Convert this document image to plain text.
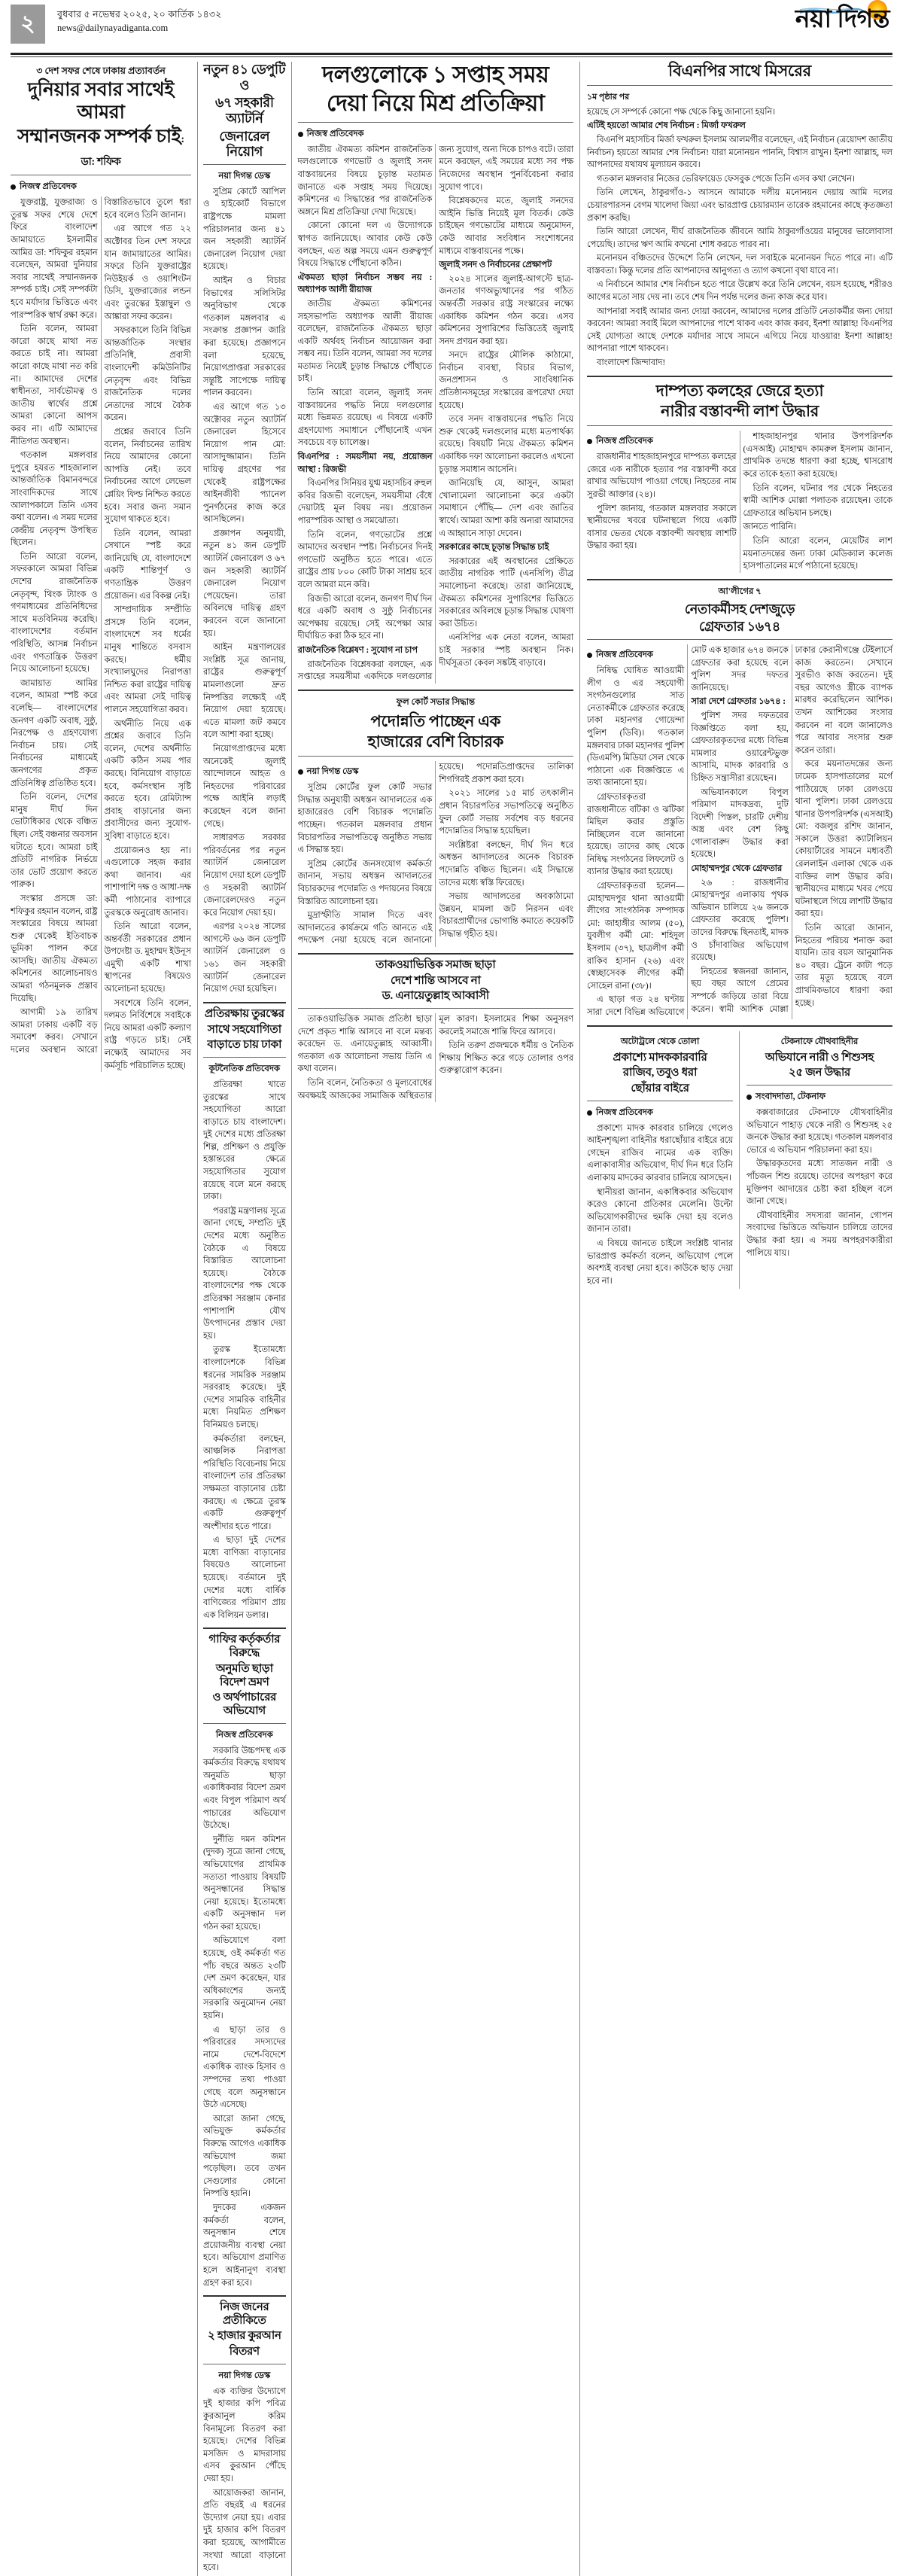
২	বুধবার ৫ নভেম্বর ২০২৫, ২০ কার্তিক ১৪৩২
news@dailynayadiganta.com	নয়া দিগন্ত
৩ দেশ সফর শেষে ঢাকায় প্রত্যাবর্তন
দুনিয়ার সবার সাথেই আমরা
সম্মানজনক সম্পর্ক চাই: ডা: শফিক
নিজস্ব প্রতিবেদক

যুক্তরাষ্ট্র, যুক্তরাজ্য ও তুরস্ক সফর শেষে দেশে ফিরে বাংলাদেশ জামায়াতে ইসলামীর আমির ডা: শফিকুর রহমান বলেছেন, আমরা দুনিয়ার সবার সাথেই সম্মানজনক সম্পর্ক চাই। সেই সম্পর্কটা হবে মর্যাদার ভিত্তিতে এবং পারস্পরিক স্বার্থ রক্ষা করে।

তিনি বলেন, আমরা কারো কাছে মাথা নত করতে চাই না। আমরা কারো কাছে মাথা নত করি না। আমাদের দেশের স্বাধীনতা, সার্বভৌমত্ব ও জাতীয় স্বার্থের প্রশ্নে আমরা কোনো আপস করব না। এটি আমাদের নীতিগত অবস্থান।

গতকাল মঙ্গলবার দুপুরে হযরত শাহজালাল আন্তর্জাতিক বিমানবন্দরে সাংবাদিকদের সাথে আলাপকালে তিনি এসব কথা বলেন। এ সময় দলের কেন্দ্রীয় নেতৃবৃন্দ উপস্থিত ছিলেন।

তিনি আরো বলেন, সফরকালে আমরা বিভিন্ন দেশের রাজনৈতিক নেতৃবৃন্দ, থিংক ট্যাংক ও গণমাধ্যমের প্রতিনিধিদের সাথে মতবিনিময় করেছি। বাংলাদেশের বর্তমান পরিস্থিতি, আসন্ন নির্বাচন এবং গণতান্ত্রিক উত্তরণ নিয়ে আলোচনা হয়েছে।

জামায়াত আমির বলেন, আমরা স্পষ্ট করে বলেছি— বাংলাদেশের জনগণ একটি অবাধ, সুষ্ঠু, নিরপেক্ষ ও গ্রহণযোগ্য নির্বাচন চায়। সেই নির্বাচনের মাধ্যমেই জনগণের প্রকৃত প্রতিনিধিত্ব প্রতিষ্ঠিত হবে।

তিনি বলেন, দেশের মানুষ দীর্ঘ দিন ভোটাধিকার থেকে বঞ্চিত ছিল। সেই বঞ্চনার অবসান ঘটাতে হবে। আমরা চাই প্রতিটি নাগরিক নির্ভয়ে তার ভোট প্রয়োগ করতে পারুক।

সংস্কার প্রসঙ্গে ডা: শফিকুর রহমান বলেন, রাষ্ট্র সংস্কারের বিষয়ে আমরা শুরু থেকেই ইতিবাচক ভূমিকা পালন করে আসছি। জাতীয় ঐকমত্য কমিশনের আলোচনায়ও আমরা গঠনমূলক প্রস্তাব দিয়েছি।

আগামী ১৯ তারিখ আমরা ঢাকায় একটি বড় সমাবেশ করব। সেখানে দলের অবস্থান আরো বিস্তারিতভাবে তুলে ধরা হবে বলেও তিনি জানান।

এর আগে গত ২২ অক্টোবর তিন দেশ সফরে যান জামায়াতের আমির। সফরে তিনি যুক্তরাষ্ট্রের নিউইয়র্ক ও ওয়াশিংটন ডিসি, যুক্তরাজ্যের লন্ডন এবং তুরস্কের ইস্তাম্বুল ও আঙ্কারা সফর করেন।

সফরকালে তিনি বিভিন্ন আন্তর্জাতিক সংস্থার প্রতিনিধি, প্রবাসী বাংলাদেশী কমিউনিটির নেতৃবৃন্দ এবং বিভিন্ন রাজনৈতিক দলের নেতাদের সাথে বৈঠক করেন।

প্রশ্নের জবাবে তিনি বলেন, নির্বাচনের তারিখ নিয়ে আমাদের কোনো আপত্তি নেই। তবে নির্বাচনের আগে লেভেল প্লেয়িং ফিল্ড নিশ্চিত করতে হবে। সবার জন্য সমান সুযোগ থাকতে হবে।

তিনি বলেন, আমরা সেখানে স্পষ্ট করে জানিয়েছি যে, বাংলাদেশে একটি শান্তিপূর্ণ ও গণতান্ত্রিক উত্তরণ প্রয়োজন। এর বিকল্প নেই।

সাম্প্রদায়িক সম্প্রীতি প্রসঙ্গে তিনি বলেন, বাংলাদেশে সব ধর্মের মানুষ শান্তিতে বসবাস করছে। ধর্মীয় সংখ্যালঘুদের নিরাপত্তা নিশ্চিত করা রাষ্ট্রের দায়িত্ব এবং আমরা সেই দায়িত্ব পালনে সহযোগিতা করব।

অর্থনীতি নিয়ে এক প্রশ্নের জবাবে তিনি বলেন, দেশের অর্থনীতি একটি কঠিন সময় পার করছে। বিনিয়োগ বাড়াতে হবে, কর্মসংস্থান সৃষ্টি করতে হবে। রেমিট্যান্স প্রবাহ বাড়ানোর জন্য প্রবাসীদের জন্য সুযোগ-সুবিধা বাড়াতে হবে।

প্রয়োজনও হয় না। এগুলোকে সহজ করার কথা জানাব। এর পাশাপাশি দক্ষ ও আধা-দক্ষ কর্মী পাঠানোর ব্যাপারে তুরস্ককে অনুরোধ জানাব।

তিনি আরো বলেন, অন্তর্বর্তী সরকারের প্রধান উপদেষ্টা ড. মুহাম্মদ ইউনূস এমুখী একটি শাখা স্থাপনের বিষয়েও আলোচনা হয়েছে।

সবশেষে তিনি বলেন, দলমত নির্বিশেষে সবাইকে নিয়ে আমরা একটি কল্যাণ রাষ্ট্র গড়তে চাই। সেই লক্ষ্যেই আমাদের সব কর্মসূচি পরিচালিত হচ্ছে।

নতুন ৪১ ডেপুটি ও
৬৭ সহকারী অ্যাটর্নি
জেনারেল নিয়োগ
নয়া দিগন্ত ডেস্ক

সুপ্রিম কোর্টে আপিল ও হাইকোর্ট বিভাগে রাষ্ট্রপক্ষে মামলা পরিচালনার জন্য ৪১ জন সহকারী অ্যাটর্নি জেনারেল নিয়োগ দেয়া হয়েছে।

আইন ও বিচার বিভাগের সলিসিটর অনুবিভাগ থেকে গতকাল মঙ্গলবার এ সংক্রান্ত প্রজ্ঞাপন জারি করা হয়েছে। প্রজ্ঞাপনে বলা হয়েছে, নিয়োগপ্রাপ্তরা সরকারের সন্তুষ্টি সাপেক্ষে দায়িত্ব পালন করবেন।

এর আগে গত ১৩ অক্টোবর নতুন অ্যাটর্নি জেনারেল হিসেবে নিয়োগ পান মো: আসাদুজ্জামান। তিনি দায়িত্ব গ্রহণের পর থেকেই রাষ্ট্রপক্ষের আইনজীবী প্যানেল পুনর্গঠনের কাজ করে আসছিলেন।

প্রজ্ঞাপন অনুযায়ী, নতুন ৪১ জন ডেপুটি অ্যাটর্নি জেনারেল ও ৬৭ জন সহকারী অ্যাটর্নি জেনারেল নিয়োগ পেয়েছেন। তারা অবিলম্বে দায়িত্ব গ্রহণ করবেন বলে জানানো হয়।

আইন মন্ত্রণালয়ের সংশ্লিষ্ট সূত্র জানায়, রাষ্ট্রের গুরুত্বপূর্ণ মামলাগুলো দ্রুত নিষ্পত্তির লক্ষ্যেই এই নিয়োগ দেয়া হয়েছে। এতে মামলা জট কমবে বলে আশা করা হচ্ছে।

নিয়োগপ্রাপ্তদের মধ্যে অনেকেই জুলাই আন্দোলনে আহত ও নিহতদের পরিবারের পক্ষে আইনি লড়াই করেছেন বলে জানা গেছে।

সাধারণত সরকার পরিবর্তনের পর নতুন অ্যাটর্নি জেনারেল নিয়োগ দেয়া হলে ডেপুটি ও সহকারী অ্যাটর্নি জেনারেলদেরও নতুন করে নিয়োগ দেয়া হয়।

এরপর ২০২৪ সালের আগস্টে ৬৬ জন ডেপুটি অ্যাটর্নি জেনারেল ও ১৬১ জন সহকারী অ্যাটর্নি জেনারেল নিয়োগ দেয়া হয়েছিল।

প্রতিরক্ষায় তুরস্কের
সাথে সহযোগিতা
বাড়াতে চায় ঢাকা
কূটনৈতিক প্রতিবেদক

প্রতিরক্ষা খাতে তুরস্কের সাথে সহযোগিতা আরো বাড়াতে চায় বাংলাদেশ। দুই দেশের মধ্যে প্রতিরক্ষা শিল্প, প্রশিক্ষণ ও প্রযুক্তি হস্তান্তরের ক্ষেত্রে সহযোগিতার সুযোগ রয়েছে বলে মনে করছে ঢাকা।

পররাষ্ট্র মন্ত্রণালয় সূত্রে জানা গেছে, সম্প্রতি দুই দেশের মধ্যে অনুষ্ঠিত বৈঠকে এ বিষয়ে বিস্তারিত আলোচনা হয়েছে। বৈঠকে বাংলাদেশের পক্ষ থেকে প্রতিরক্ষা সরঞ্জাম কেনার পাশাপাশি যৌথ উৎপাদনের প্রস্তাব দেয়া হয়।

তুরস্ক ইতোমধ্যে বাংলাদেশকে বিভিন্ন ধরনের সামরিক সরঞ্জাম সরবরাহ করেছে। দুই দেশের সামরিক বাহিনীর মধ্যে নিয়মিত প্রশিক্ষণ বিনিময়ও চলছে।

কর্মকর্তারা বলছেন, আঞ্চলিক নিরাপত্তা পরিস্থিতি বিবেচনায় নিয়ে বাংলাদেশ তার প্রতিরক্ষা সক্ষমতা বাড়ানোর চেষ্টা করছে। এ ক্ষেত্রে তুরস্ক একটি গুরুত্বপূর্ণ অংশীদার হতে পারে।

এ ছাড়া দুই দেশের মধ্যে বাণিজ্য বাড়ানোর বিষয়েও আলোচনা হয়েছে। বর্তমানে দুই দেশের মধ্যে বার্ষিক বাণিজ্যের পরিমাণ প্রায় এক বিলিয়ন ডলার।

গাফির কর্তৃকর্তার বিরুদ্ধে
অনুমতি ছাড়া বিদেশ ভ্রমণ
ও অর্থপাচারের অভিযোগ
নিজস্ব প্রতিবেদক

সরকারি উচ্চপদস্থ এক কর্মকর্তার বিরুদ্ধে যথাযথ অনুমতি ছাড়া একাধিকবার বিদেশ ভ্রমণ এবং বিপুল পরিমাণ অর্থ পাচারের অভিযোগ উঠেছে।

দুর্নীতি দমন কমিশন (দুদক) সূত্রে জানা গেছে, অভিযোগের প্রাথমিক সত্যতা পাওয়ায় বিষয়টি অনুসন্ধানের সিদ্ধান্ত নেয়া হয়েছে। ইতোমধ্যে একটি অনুসন্ধান দল গঠন করা হয়েছে।

অভিযোগে বলা হয়েছে, ওই কর্মকর্তা গত পাঁচ বছরে অন্তত ২৩টি দেশ ভ্রমণ করেছেন, যার অধিকাংশের জন্যই সরকারি অনুমোদন নেয়া হয়নি।

এ ছাড়া তার ও পরিবারের সদস্যদের নামে দেশে-বিদেশে একাধিক ব্যাংক হিসাব ও সম্পদের তথ্য পাওয়া গেছে বলে অনুসন্ধানে উঠে এসেছে।

আরো জানা গেছে, অভিযুক্ত কর্মকর্তার বিরুদ্ধে আগেও একাধিক অভিযোগ জমা পড়েছিল। তবে তখন সেগুলোর কোনো নিষ্পত্তি হয়নি।

দুদকের একজন কর্মকর্তা বলেন, অনুসন্ধান শেষে প্রয়োজনীয় ব্যবস্থা নেয়া হবে। অভিযোগ প্রমাণিত হলে আইনানুগ ব্যবস্থা গ্রহণ করা হবে।

নিজ জনের প্রতীকিতে
২ হাজার কুরআন
বিতরণ
নয়া দিগন্ত ডেস্ক

এক ব্যক্তির উদ্যোগে দুই হাজার কপি পবিত্র কুরআনুল করিম বিনামূল্যে বিতরণ করা হয়েছে। দেশের বিভিন্ন মসজিদ ও মাদরাসায় এসব কুরআন পৌঁছে দেয়া হয়।

আয়োজকরা জানান, প্রতি বছরই এ ধরনের উদ্যোগ নেয়া হয়। এবার দুই হাজার কপি বিতরণ করা হয়েছে, আগামীতে সংখ্যা আরো বাড়ানো হবে।

দলগুলোকে ১ সপ্তাহ সময়
দেয়া নিয়ে মিশ্র প্রতিক্রিয়া
নিজস্ব প্রতিবেদক

জাতীয় ঐকমত্য কমিশন রাজনৈতিক দলগুলোকে গণভোট ও জুলাই সনদ বাস্তবায়নের বিষয়ে চূড়ান্ত মতামত জানাতে এক সপ্তাহ সময় দিয়েছে। কমিশনের এ সিদ্ধান্তের পর রাজনৈতিক অঙ্গনে মিশ্র প্রতিক্রিয়া দেখা দিয়েছে।

কোনো কোনো দল এ উদ্যোগকে স্বাগত জানিয়েছে। আবার কেউ কেউ বলছেন, এত অল্প সময়ে এমন গুরুত্বপূর্ণ বিষয়ে সিদ্ধান্তে পৌঁছানো কঠিন।

ঐকমত্য ছাড়া নির্বাচন সম্ভব নয় : অধ্যাপক আলী রীয়াজ

জাতীয় ঐকমত্য কমিশনের সহসভাপতি অধ্যাপক আলী রীয়াজ বলেছেন, রাজনৈতিক ঐকমত্য ছাড়া একটি অর্থবহ নির্বাচন আয়োজন করা সম্ভব নয়। তিনি বলেন, আমরা সব দলের মতামত নিয়েই চূড়ান্ত সিদ্ধান্তে পৌঁছাতে চাই।

তিনি আরো বলেন, জুলাই সনদ বাস্তবায়নের পদ্ধতি নিয়ে দলগুলোর মধ্যে ভিন্নমত রয়েছে। এ বিষয়ে একটি গ্রহণযোগ্য সমাধানে পৌঁছানোই এখন সবচেয়ে বড় চ্যালেঞ্জ।

বিএনপির : সময়সীমা নয়, প্রয়োজন আস্থা : রিজভী

বিএনপির সিনিয়র যুগ্ম মহাসচিব রুহুল কবির রিজভী বলেছেন, সময়সীমা বেঁধে দেয়াটাই মূল বিষয় নয়। প্রয়োজন পারস্পরিক আস্থা ও সমঝোতা।

তিনি বলেন, গণভোটের প্রশ্নে আমাদের অবস্থান স্পষ্ট। নির্বাচনের দিনই গণভোট অনুষ্ঠিত হতে পারে। এতে রাষ্ট্রের প্রায় ৮০০ কোটি টাকা সাশ্রয় হবে বলে আমরা মনে করি।

রিজভী আরো বলেন, জনগণ দীর্ঘ দিন ধরে একটি অবাধ ও সুষ্ঠু নির্বাচনের অপেক্ষায় রয়েছে। সেই অপেক্ষা আর দীর্ঘায়িত করা ঠিক হবে না।

রাজনৈতিক বিশ্লেষণ : সুযোগ না চাপ

রাজনৈতিক বিশ্লেষকরা বলছেন, এক সপ্তাহের সময়সীমা একদিকে দলগুলোর জন্য সুযোগ, অন্য দিকে চাপও বটে। তারা মনে করছেন, এই সময়ের মধ্যে সব পক্ষ নিজেদের অবস্থান পুনর্বিবেচনা করার সুযোগ পাবে।

বিশ্লেষকদের মতে, জুলাই সনদের আইনি ভিত্তি নিয়েই মূল বিতর্ক। কেউ চাইছেন গণভোটের মাধ্যমে অনুমোদন, কেউ আবার সংবিধান সংশোধনের মাধ্যমে বাস্তবায়নের পক্ষে।

জুলাই সনদ ও নির্বাচনের প্রেক্ষাপট

২০২৪ সালের জুলাই-আগস্টে ছাত্র-জনতার গণঅভ্যুত্থানের পর গঠিত অন্তর্বর্তী সরকার রাষ্ট্র সংস্কারের লক্ষ্যে একাধিক কমিশন গঠন করে। এসব কমিশনের সুপারিশের ভিত্তিতেই জুলাই সনদ প্রণয়ন করা হয়।

সনদে রাষ্ট্রের মৌলিক কাঠামো, নির্বাচন ব্যবস্থা, বিচার বিভাগ, জনপ্রশাসন ও সাংবিধানিক প্রতিষ্ঠানসমূহের সংস্কারের রূপরেখা দেয়া হয়েছে।

তবে সনদ বাস্তবায়নের পদ্ধতি নিয়ে শুরু থেকেই দলগুলোর মধ্যে মতপার্থক্য রয়েছে। বিষয়টি নিয়ে ঐকমত্য কমিশন একাধিক দফা আলোচনা করলেও এখনো চূড়ান্ত সমাধান আসেনি।

জানিয়েছি যে, আসুন, আমরা খোলামেলা আলোচনা করে একটা সমাধানে পৌঁছি— দেশ এবং জাতির স্বার্থে। আমরা আশা করি অন্যরা আমাদের এ আহ্বানে সাড়া দেবেন।

সরকারের কাছে চূড়ান্ত সিদ্ধান্ত চাই

সরকারের এই অবস্থানের প্রেক্ষিতে জাতীয় নাগরিক পার্টি (এনসিপি) তীব্র সমালোচনা করেছে। তারা জানিয়েছে, ঐকমত্য কমিশনের সুপারিশের ভিত্তিতে সরকারের অবিলম্বে চূড়ান্ত সিদ্ধান্ত ঘোষণা করা উচিত।

এনসিপির এক নেতা বলেন, আমরা চাই সরকার স্পষ্ট অবস্থান নিক। দীর্ঘসূত্রতা কেবল সঙ্কটই বাড়াবে।

ফুল কোর্ট সভার সিদ্ধান্ত
পদোন্নতি পাচ্ছেন এক
হাজারের বেশি বিচারক
নয়া দিগন্ত ডেস্ক

সুপ্রিম কোর্টের ফুল কোর্ট সভার সিদ্ধান্ত অনুযায়ী অধস্তন আদালতের এক হাজারেরও বেশি বিচারক পদোন্নতি পাচ্ছেন। গতকাল মঙ্গলবার প্রধান বিচারপতির সভাপতিত্বে অনুষ্ঠিত সভায় এ সিদ্ধান্ত হয়।

সুপ্রিম কোর্টের জনসংযোগ কর্মকর্তা জানান, সভায় অধস্তন আদালতের বিচারকদের পদোন্নতি ও পদায়নের বিষয়ে বিস্তারিত আলোচনা হয়।

মুদ্রাস্ফীতি সামাল দিতে এবং আদালতের কার্যক্রমে গতি আনতে এই পদক্ষেপ নেয়া হয়েছে বলে জানানো হয়েছে। পদোন্নতিপ্রাপ্তদের তালিকা শিগগিরই প্রকাশ করা হবে।

২০২১ সালের ১৫ মার্চ তৎকালীন প্রধান বিচারপতির সভাপতিত্বে অনুষ্ঠিত ফুল কোর্ট সভায় সর্বশেষ বড় ধরনের পদোন্নতির সিদ্ধান্ত হয়েছিল।

সংশ্লিষ্টরা বলছেন, দীর্ঘ দিন ধরে অধস্তন আদালতের অনেক বিচারক পদোন্নতি বঞ্চিত ছিলেন। এই সিদ্ধান্তে তাদের মধ্যে স্বস্তি ফিরেছে।

সভায় আদালতের অবকাঠামো উন্নয়ন, মামলা জট নিরসন এবং বিচারপ্রার্থীদের ভোগান্তি কমাতে কয়েকটি সিদ্ধান্ত গৃহীত হয়।

তাকওয়াভিত্তিক সমাজ ছাড়া
দেশে শান্তি আসবে না
ড. এনায়েতুল্লাহ আব্বাসী

তাকওয়াভিত্তিক সমাজ প্রতিষ্ঠা ছাড়া দেশে প্রকৃত শান্তি আসবে না বলে মন্তব্য করেছেন ড. এনায়েতুল্লাহ আব্বাসী। গতকাল এক আলোচনা সভায় তিনি এ কথা বলেন।

তিনি বলেন, নৈতিকতা ও মূল্যবোধের অবক্ষয়ই আজকের সামাজিক অস্থিরতার মূল কারণ। ইসলামের শিক্ষা অনুসরণ করলেই সমাজে শান্তি ফিরে আসবে।

তিনি তরুণ প্রজন্মকে ধর্মীয় ও নৈতিক শিক্ষায় শিক্ষিত করে গড়ে তোলার ওপর গুরুত্বারোপ করেন।

বিএনপির সাথে মিসরের
১ম পৃষ্ঠার পর

হয়েছে সে সম্পর্কে কোনো পক্ষ থেকে কিছু জানানো হয়নি।

এটিই হয়তো আমার শেষ নির্বাচন : মির্জা ফখরুল

বিএনপি মহাসচিব মির্জা ফখরুল ইসলাম আলমগীর বলেছেন, এই নির্বাচন (ত্রয়োদশ জাতীয় নির্বাচন) হয়তো আমার শেষ নির্বাচন! যারা মনোনয়ন পাননি, বিশ্বাস রাখুন। ইনশা আল্লাহ, দল আপনাদের যথাযথ মূল্যায়ন করবে।

গতকাল মঙ্গলবার নিজের ভেরিফায়েড ফেসবুক পেজে তিনি এসব কথা লেখেন।

তিনি লেখেন, ঠাকুরগাঁও-১ আসনে আমাকে দলীয় মনোনয়ন দেয়ায় আমি দলের চেয়ারপারসন বেগম খালেদা জিয়া এবং ভারপ্রাপ্ত চেয়ারম্যান তারেক রহমানের কাছে কৃতজ্ঞতা প্রকাশ করছি।

তিনি আরো লেখেন, দীর্ঘ রাজনৈতিক জীবনে আমি ঠাকুরগাঁওয়ের মানুষের ভালোবাসা পেয়েছি। তাদের ঋণ আমি কখনো শোধ করতে পারব না।

মনোনয়ন বঞ্চিতদের উদ্দেশে তিনি লেখেন, দল সবাইকে মনোনয়ন দিতে পারে না। এটি বাস্তবতা। কিন্তু দলের প্রতি আপনাদের আনুগত্য ও ত্যাগ কখনো বৃথা যাবে না।

এ নির্বাচনে আমার শেষ নির্বাচন হতে পারে উল্লেখ করে তিনি লেখেন, বয়স হয়েছে, শরীরও আগের মতো সায় দেয় না। তবে শেষ দিন পর্যন্ত দলের জন্য কাজ করে যাব।

আপনারা সবাই আমার জন্য দোয়া করবেন, আমাদের দলের প্রতিটি নেতাকর্মীর জন্য দোয়া করবেন! আমরা সবাই মিলে আপনাদের পাশে থাকব এবং কাজ করব, ইনশা আল্লাহ! বিএনপির সেই যোগ্যতা আছে দেশকে মর্যাদার সাথে সামনে এগিয়ে নিয়ে যাওয়ার! ইনশা আল্লাহ! আপনারা পাশে থাকবেন।

বাংলাদেশ জিন্দাবাদ!

দাম্পত্য কলহের জেরে হত্যা
নারীর বস্তাবন্দী লাশ উদ্ধার
নিজস্ব প্রতিবেদক

রাজধানীর শাহজাহানপুরে দাম্পত্য কলহের জেরে এক নারীকে হত্যার পর বস্তাবন্দী করে রাখার অভিযোগ পাওয়া গেছে। নিহতের নাম সুরভী আক্তার (২৪)।

পুলিশ জানায়, গতকাল মঙ্গলবার সকালে স্থানীয়দের খবরে ঘটনাস্থলে গিয়ে একটি বাসার ভেতর থেকে বস্তাবন্দী অবস্থায় লাশটি উদ্ধার করা হয়।

শাহজাহানপুর থানার উপপরিদর্শক (এসআই) মোহাম্মদ কামরুল ইসলাম জানান, প্রাথমিক তদন্তে ধারণা করা হচ্ছে, শ্বাসরোধ করে তাকে হত্যা করা হয়েছে।

তিনি বলেন, ঘটনার পর থেকে নিহতের স্বামী আশিক মোল্লা পলাতক রয়েছেন। তাকে গ্রেফতারে অভিযান চলছে।

জানতে পারিনি।

তিনি আরো বলেন, মেয়েটির লাশ ময়নাতদন্তের জন্য ঢাকা মেডিক্যাল কলেজ হাসপাতালের মর্গে পাঠানো হয়েছে।

আ'লীগের ৭
নেতাকর্মীসহ দেশজুড়ে
গ্রেফতার ১৬৭৪
নিজস্ব প্রতিবেদক

নিষিদ্ধ ঘোষিত আওয়ামী লীগ ও এর সহযোগী সংগঠনগুলোর সাত নেতাকর্মীকে গ্রেফতার করেছে ঢাকা মহানগর গোয়েন্দা পুলিশ (ডিবি)। গতকাল মঙ্গলবার ঢাকা মহানগর পুলিশ (ডিএমপি) মিডিয়া সেল থেকে পাঠানো এক বিজ্ঞপ্তিতে এ তথ্য জানানো হয়।

গ্রেফতারকৃতরা রাজধানীতে বটিকা ও ঝটিকা মিছিল করার প্রস্তুতি নিচ্ছিলেন বলে জানানো হয়েছে। তাদের কাছ থেকে নিষিদ্ধ সংগঠনের লিফলেট ও ব্যানার উদ্ধার করা হয়েছে।

গ্রেফতারকৃতরা হলেন— মোহাম্মদপুর থানা আওয়ামী লীগের সাংগঠনিক সম্পাদক মো: জাহাঙ্গীর আলম (৫০), যুবলীগ কর্মী মো: শহিদুল ইসলাম (৩৭), ছাত্রলীগ কর্মী রাকিব হাসান (২৬) এবং স্বেচ্ছাসেবক লীগের কর্মী সোহেল রানা (৩৮)।

এ ছাড়া গত ২৪ ঘণ্টায় সারা দেশে বিভিন্ন অভিযোগে মোট এক হাজার ৬৭৪ জনকে গ্রেফতার করা হয়েছে বলে পুলিশ সদর দফতর জানিয়েছে।

সারা দেশে গ্রেফতার ১৬৭৪ :

পুলিশ সদর দফতরের বিজ্ঞপ্তিতে বলা হয়, গ্রেফতারকৃতদের মধ্যে বিভিন্ন মামলার ওয়ারেন্টভুক্ত আসামি, মাদক কারবারি ও চিহ্নিত সন্ত্রাসীরা রয়েছেন।

অভিযানকালে বিপুল পরিমাণ মাদকদ্রব্য, দুটি বিদেশী পিস্তল, চারটি দেশীয় অস্ত্র এবং বেশ কিছু গোলাবারুদ উদ্ধার করা হয়েছে।

মোহাম্মদপুর থেকে গ্রেফতার

২৬ : রাজধানীর মোহাম্মদপুর এলাকায় পৃথক অভিযান চালিয়ে ২৬ জনকে গ্রেফতার করেছে পুলিশ। তাদের বিরুদ্ধে ছিনতাই, মাদক ও চাঁদাবাজির অভিযোগ রয়েছে।

নিহতের স্বজনরা জানান, ছয় বছর আগে প্রেমের সম্পর্কে জড়িয়ে তারা বিয়ে করেন। স্বামী আশিক মোল্লা ঢাকার কেরানীগঞ্জে টেইলার্সে কাজ করতেন। সেখানে সুরভীও কাজ করতেন। দুই বছর আগেও স্ত্রীকে ব্যাপক মারধর করেছিলেন আশিক। তখন আশিকের সংসার করবেন না বলে জানালেও পরে আবার সংসার শুরু করেন তারা।

করে ময়নাতদন্তের জন্য ঢামেক হাসপাতালের মর্গে পাঠিয়েছে ঢাকা রেলওয়ে থানা পুলিশ। ঢাকা রেলওয়ে থানার উপপরিদর্শক (এসআই) মো: বজলুর রশিদ জানান, সকালে উত্তরা ক্যাটালিয়ন কোয়ার্টারের সামনে মধ্যবর্তী রেললাইন এলাকা থেকে এক ব্যক্তির লাশ উদ্ধার করি। স্থানীয়দের মাধ্যমে খবর পেয়ে ঘটনাস্থলে গিয়ে লাশটি উদ্ধার করা হয়।

তিনি আরো জানান, নিহতের পরিচয় শনাক্ত করা যায়নি। তার বয়স আনুমানিক ৪০ বছর। ট্রেনে কাটা পড়ে তার মৃত্যু হয়েছে বলে প্রাথমিকভাবে ধারণা করা হচ্ছে।

অটোট্রলে থেকে তোলা
প্রকাশ্যে মাদককারবারি
রাজিব, তবুও ধরা
ছোঁয়ার বাইরে
নিজস্ব প্রতিবেদক

প্রকাশ্যে মাদক কারবার চালিয়ে গেলেও আইনশৃঙ্খলা বাহিনীর ধরাছোঁয়ার বাইরে রয়ে গেছেন রাজিব নামের এক ব্যক্তি। এলাকাবাসীর অভিযোগ, দীর্ঘ দিন ধরে তিনি এলাকায় মাদকের কারবার চালিয়ে আসছেন।

স্থানীয়রা জানান, একাধিকবার অভিযোগ করেও কোনো প্রতিকার মেলেনি। উল্টো অভিযোগকারীদের হুমকি দেয়া হয় বলেও জানান তারা।

এ বিষয়ে জানতে চাইলে সংশ্লিষ্ট থানার ভারপ্রাপ্ত কর্মকর্তা বলেন, অভিযোগ পেলে অবশ্যই ব্যবস্থা নেয়া হবে। কাউকে ছাড় দেয়া হবে না।

টেকনাফে যৌথবাহিনীর
অভিযানে নারী ও শিশুসহ
২৫ জন উদ্ধার
সংবাদদাতা, টেকনাফ

কক্সবাজারের টেকনাফে যৌথবাহিনীর অভিযানে পাহাড় থেকে নারী ও শিশুসহ ২৫ জনকে উদ্ধার করা হয়েছে। গতকাল মঙ্গলবার ভোরে এ অভিযান পরিচালনা করা হয়।

উদ্ধারকৃতদের মধ্যে সাতজন নারী ও পাঁচজন শিশু রয়েছে। তাদের অপহরণ করে মুক্তিপণ আদায়ের চেষ্টা করা হচ্ছিল বলে জানা গেছে।

যৌথবাহিনীর সদস্যরা জানান, গোপন সংবাদের ভিত্তিতে অভিযান চালিয়ে তাদের উদ্ধার করা হয়। এ সময় অপহরণকারীরা পালিয়ে যায়।
